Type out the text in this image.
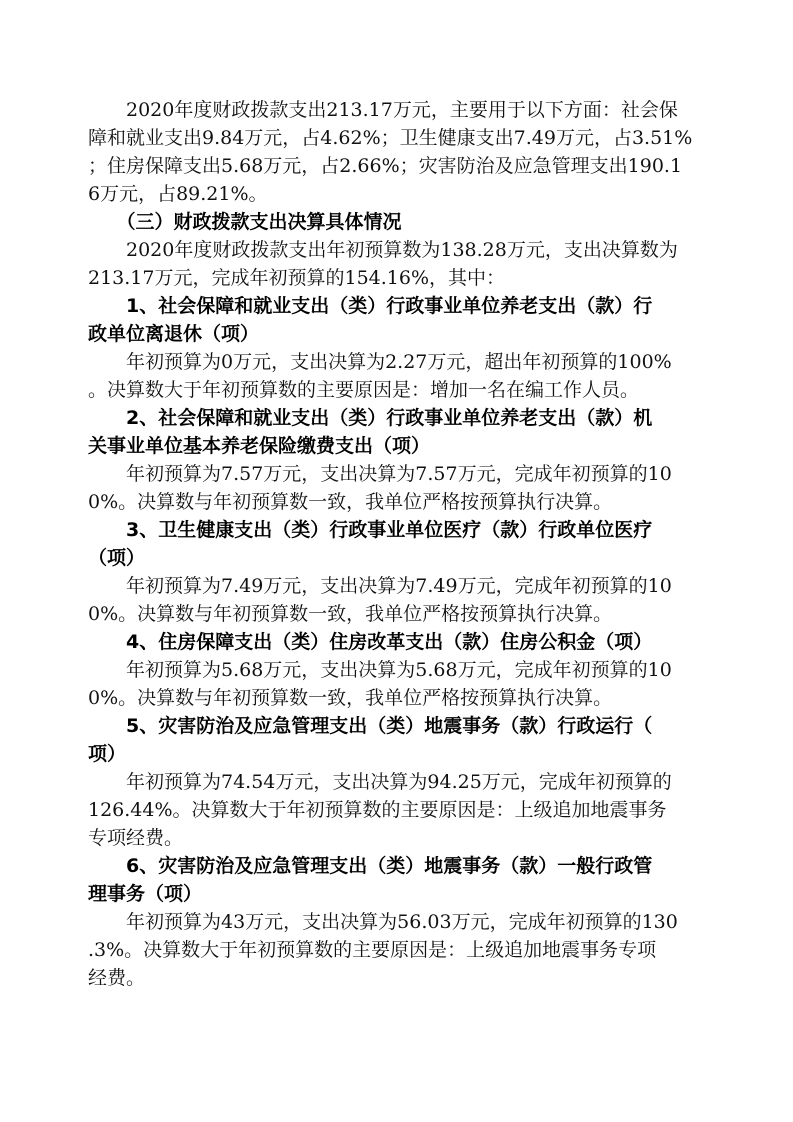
　　2020年度财政拨款支出213.17万元，主要用于以下方面：社会保
障和就业支出9.84万元，占4.62%；卫生健康支出7.49万元，占3.51%
；住房保障支出5.68万元，占2.66%；灾害防治及应急管理支出190.1
6万元，占89.21%。
　　（三）财政拨款支出决算具体情况
　　2020年度财政拨款支出年初预算数为138.28万元，支出决算数为
213.17万元，完成年初预算的154.16%，其中：
　　1、社会保障和就业支出（类）行政事业单位养老支出（款）行
政单位离退休（项）
　　年初预算为0万元，支出决算为2.27万元，超出年初预算的100%
。决算数大于年初预算数的主要原因是：增加一名在编工作人员。
　　2、社会保障和就业支出（类）行政事业单位养老支出（款）机
关事业单位基本养老保险缴费支出（项）
　　年初预算为7.57万元，支出决算为7.57万元，完成年初预算的10
0%。决算数与年初预算数一致，我单位严格按预算执行决算。
　　3、卫生健康支出（类）行政事业单位医疗（款）行政单位医疗
（项）
　　年初预算为7.49万元，支出决算为7.49万元，完成年初预算的10
0%。决算数与年初预算数一致，我单位严格按预算执行决算。
　　4、住房保障支出（类）住房改革支出（款）住房公积金（项）
　　年初预算为5.68万元，支出决算为5.68万元，完成年初预算的10
0%。决算数与年初预算数一致，我单位严格按预算执行决算。
　　5、灾害防治及应急管理支出（类）地震事务（款）行政运行（
项）
　　年初预算为74.54万元，支出决算为94.25万元，完成年初预算的
126.44%。决算数大于年初预算数的主要原因是：上级追加地震事务
专项经费。
　　6、灾害防治及应急管理支出（类）地震事务（款）一般行政管
理事务（项）
　　年初预算为43万元，支出决算为56.03万元，完成年初预算的130
.3%。决算数大于年初预算数的主要原因是：上级追加地震事务专项
经费。
